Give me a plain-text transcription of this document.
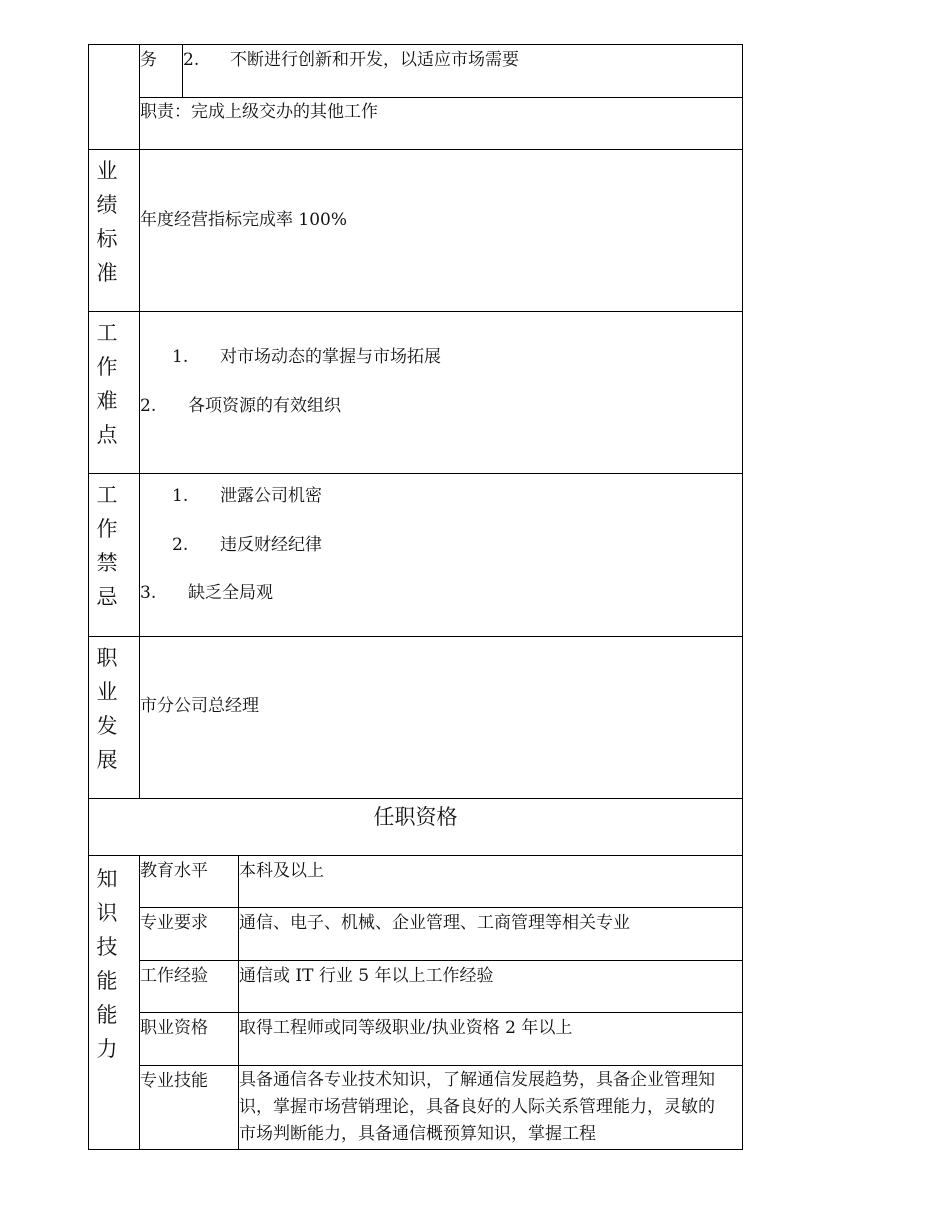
务 2. 不断进行创新和开发，以适应市场需要
职责：完成上级交办的其他工作
业
绩
标
准
年度经营指标完成率 100%
工
作
难
点
1. 对市场动态的掌握与市场拓展
2. 各项资源的有效组织
工
作
禁
忌
1. 泄露公司机密
2. 违反财经纪律
3. 缺乏全局观
职
业
发
展
市分公司总经理
任职资格
知
识
技
能
能
力
教育水平 本科及以上
专业要求 通信、电子、机械、企业管理、工商管理等相关专业
工作经验 通信或 IT 行业 5 年以上工作经验
职业资格 取得工程师或同等级职业/执业资格 2 年以上
专业技能 具备通信各专业技术知识，了解通信发展趋势，具备企业管理知识，掌握市场营销理论，具备良好的人际关系管理能力，灵敏的市场判断能力，具备通信概预算知识，掌握工程
